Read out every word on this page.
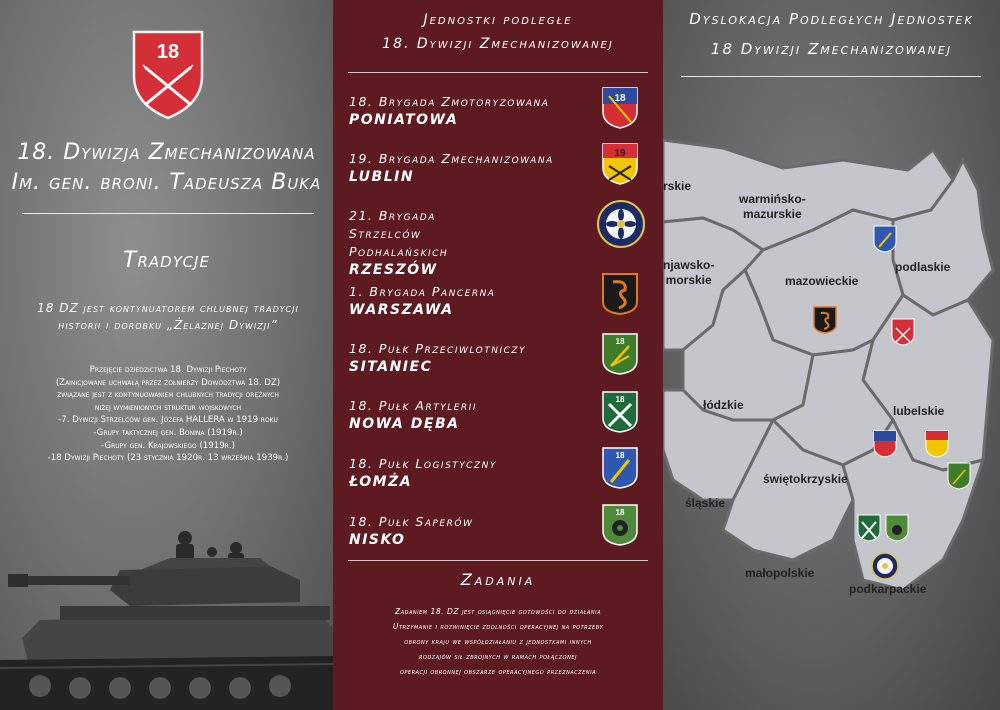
18
18. Dywizja Zmechanizowana
Im. gen. broni. Tadeusza Buka
Tradycje
18 DZ jest kontynuatorem chlubnej tradycji historii i dorobku „Żelaznej Dywizji”
Przejęcie dziedzictwa 18. Dywizji Piechoty
(Zainicjowane uchwałą przez żołnierzy Dowództwa 18. DZ)
związane jest z kontynuowaniem chlubnych tradycji orężnych
niżej wymienionych struktur wojskowych
-7. Dywizji Strzelców gen. Józefa HALLERA w 1919 roku
-Grupy taktycznej gen. Bonina (1919r.)
-Grupy gen. Krajowskiego (1919r.)
-18 Dywizji Piechoty (23 stycznia 1920r. 13 września 1939r.)
Jednostki podległe
18. Dywizji Zmechanizowanej
18. Brygada Zmotoryzowana
PONIATOWA
18
19. Brygada Zmechanizowana
LUBLIN
19
21. Brygada Strzelców Podhalańskich
RZESZÓW
1. Brygada Pancerna
WARSZAWA
18. Pułk Przeciwlotniczy
SITANIEC
18
18. Pułk Artylerii
NOWA DĘBA
18
18. Pułk Logistyczny
ŁOMŻA
18
18. Pułk Saperów
NISKO
18
Zadania
Zadaniem 18. DZ jest osiągnięcie gotowości do działania
Utrzymanie i rozwinięcie zdolności operacyjnej na potrzeby
obrony kraju we współdziałaniu z jednostkami innych
rodzajów sił zbrojnych w ramach połączonej
operacji obronnej obszarze operacyjnego przeznaczenia
Dyslokacja Podległych Jednostek
18 Dywizji Zmechanizowanej
rskie
warmińsko-
mazurskie
njawsko-
morskie
podlaskie
mazowieckie
łódzkie	lubelskie
świętokrzyskie
śląskie
małopolskie
podkarpackie
